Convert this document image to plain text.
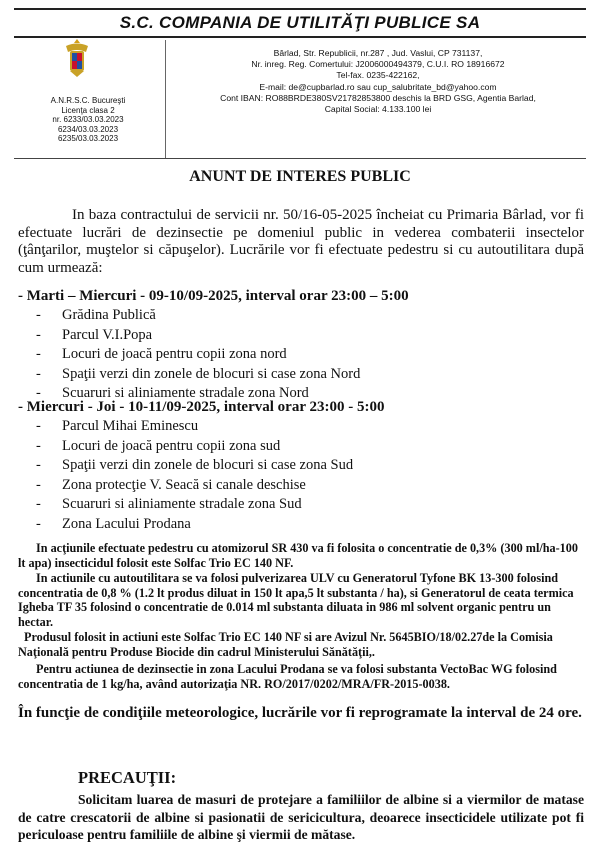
S.C. COMPANIA DE UTILITĂŢI PUBLICE SA
A.N.R.S.C. Bucureşti
Licenţa clasa 2
nr. 6233/03.03.2023
6234/03.03.2023
6235/03.03.2023
Bârlad, Str. Republicii, nr.287 , Jud. Vaslui, CP 731137,
Nr. inreg. Reg. Comertului: J2006000494379, C.U.I. RO 18916672
Tel-fax. 0235-422162,
E-mail: de@cupbarlad.ro sau cup_salubritate_bd@yahoo.com
Cont IBAN: RO88BRDE380SV21782853800 deschis la BRD GSG, Agentia Barlad,
Capital Social: 4.133.100 lei
ANUNT DE INTERES PUBLIC

In baza contractului de servicii nr. 50/16-05-2025 încheiat cu Primaria Bârlad, vor fi efectuate lucrări de dezinsectie pe domeniul public in vederea combaterii insectelor (ţânţarilor, muştelor si căpuşelor). Lucrările vor fi efectuate pedestru si cu autoutilitara după cum urmează:

- Marti – Miercuri - 09-10/09-2025, interval orar 23:00 – 5:00
- Grădina Publică
- Parcul V.I.Popa
- Locuri de joacă pentru copii zona nord
- Spaţii verzi din zonele de blocuri si case zona Nord
- Scuaruri si aliniamente stradale zona Nord
- Miercuri - Joi - 10-11/09-2025, interval orar 23:00 - 5:00
- Parcul Mihai Eminescu
- Locuri de joacă pentru copii zona sud
- Spaţii verzi din zonele de blocuri si case zona Sud
- Zona protecţie V. Seacă si canale deschise
- Scuaruri si aliniamente stradale zona Sud
- Zona Lacului Prodana

In acţiunile efectuate pedestru cu atomizorul SR 430 va fi folosita o concentratie de 0,3% (300 ml/ha-100 lt apa) insecticidul folosit este Solfac Trio EC 140 NF.

In actiunile cu autoutilitara se va folosi pulverizarea ULV cu Generatorul Tyfone BK 13-300 folosind concentratia de 0,8 % (1.2 lt produs diluat in 150 lt apa,5 lt substanta / ha), si Generatorul de ceata termica Igheba TF 35 folosind o concentratie de 0.014 ml substanta diluata in 986 ml solvent organic pentru un hectar.

Produsul folosit in actiuni este Solfac Trio EC 140 NF si are Avizul Nr. 5645BIO/18/02.27de la Comisia Naţională pentru Produse Biocide din cadrul Ministerului Sănătăţii,.

Pentru actiunea de dezinsectie in zona Lacului Prodana se va folosi substanta VectoBac WG folosind concentratia de 1 kg/ha, având autorizaţia NR. RO/2017/0202/MRA/FR-2015-0038.

În funcţie de condiţiile meteorologice, lucrările vor fi reprogramate la interval de 24 ore.

PRECAUŢII:

Solicitam luarea de masuri de protejare a familiilor de albine si a viermilor de matase de catre crescatorii de albine si pasionatii de sericicultura, deoarece insecticidele utilizate pot fi periculoase pentru familiile de albine şi viermii de mătase.
